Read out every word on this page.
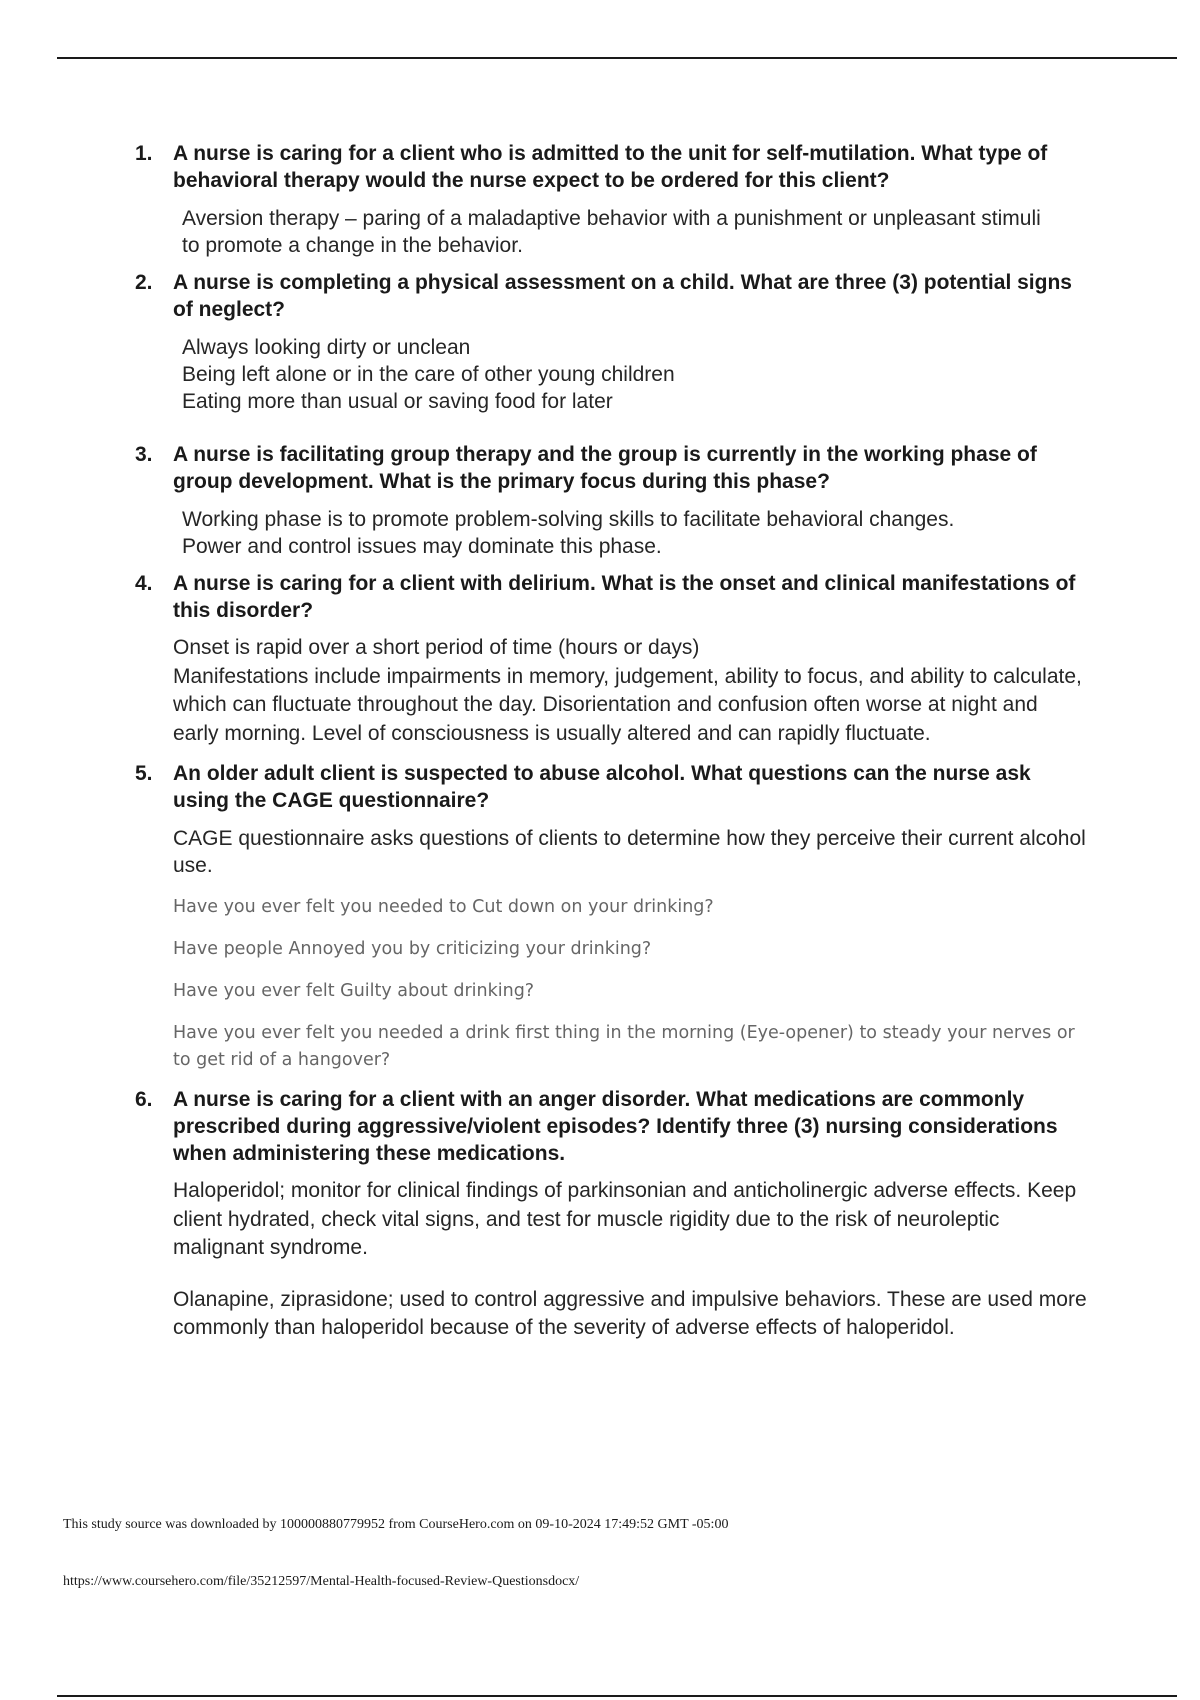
1. A nurse is caring for a client who is admitted to the unit for self-mutilation. What type of behavioral therapy would the nurse expect to be ordered for this client?

Aversion therapy – paring of a maladaptive behavior with a punishment or unpleasant stimuli to promote a change in the behavior.
2. A nurse is completing a physical assessment on a child. What are three (3) potential signs of neglect?

Always looking dirty or unclean
Being left alone or in the care of other young children
Eating more than usual or saving food for later
3. A nurse is facilitating group therapy and the group is currently in the working phase of group development. What is the primary focus during this phase?

Working phase is to promote problem-solving skills to facilitate behavioral changes.
Power and control issues may dominate this phase.
4. A nurse is caring for a client with delirium. What is the onset and clinical manifestations of this disorder?

Onset is rapid over a short period of time (hours or days)
Manifestations include impairments in memory, judgement, ability to focus, and ability to calculate, which can fluctuate throughout the day. Disorientation and confusion often worse at night and early morning. Level of consciousness is usually altered and can rapidly fluctuate.
5. An older adult client is suspected to abuse alcohol. What questions can the nurse ask using the CAGE questionnaire?

CAGE questionnaire asks questions of clients to determine how they perceive their current alcohol use.

Have you ever felt you needed to Cut down on your drinking?

Have people Annoyed you by criticizing your drinking?

Have you ever felt Guilty about drinking?

Have you ever felt you needed a drink first thing in the morning (Eye-opener) to steady your nerves or to get rid of a hangover?

6. A nurse is caring for a client with an anger disorder. What medications are commonly prescribed during aggressive/violent episodes? Identify three (3) nursing considerations when administering these medications.

Haloperidol; monitor for clinical findings of parkinsonian and anticholinergic adverse effects. Keep client hydrated, check vital signs, and test for muscle rigidity due to the risk of neuroleptic malignant syndrome.

Olanapine, ziprasidone; used to control aggressive and impulsive behaviors. These are used more commonly than haloperidol because of the severity of adverse effects of haloperidol.

This study source was downloaded by 100000880779952 from CourseHero.com on 09-10-2024 17:49:52 GMT -05:00
https://www.coursehero.com/file/35212597/Mental-Health-focused-Review-Questionsdocx/
